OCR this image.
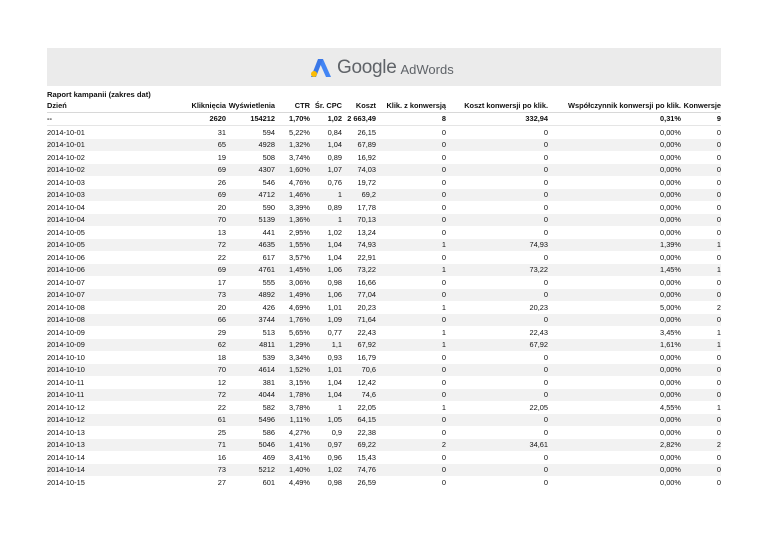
Google AdWords
Raport kampanii (zakres dat)
Dzień	Kliknięcia	Wyświetlenia	CTR	Śr. CPC	Koszt	Klik. z konwersją	Koszt konwersji po klik.	Współczynnik konwersji po klik.	Konwersje
--	2620	154212	1,70%	1,02	2 663,49	8	332,94	0,31%	9
2014-10-01	31	594	5,22%	0,84	26,15	0	0	0,00%	0
2014-10-01	65	4928	1,32%	1,04	67,89	0	0	0,00%	0
2014-10-02	19	508	3,74%	0,89	16,92	0	0	0,00%	0
2014-10-02	69	4307	1,60%	1,07	74,03	0	0	0,00%	0
2014-10-03	26	546	4,76%	0,76	19,72	0	0	0,00%	0
2014-10-03	69	4712	1,46%	1	69,2	0	0	0,00%	0
2014-10-04	20	590	3,39%	0,89	17,78	0	0	0,00%	0
2014-10-04	70	5139	1,36%	1	70,13	0	0	0,00%	0
2014-10-05	13	441	2,95%	1,02	13,24	0	0	0,00%	0
2014-10-05	72	4635	1,55%	1,04	74,93	1	74,93	1,39%	1
2014-10-06	22	617	3,57%	1,04	22,91	0	0	0,00%	0
2014-10-06	69	4761	1,45%	1,06	73,22	1	73,22	1,45%	1
2014-10-07	17	555	3,06%	0,98	16,66	0	0	0,00%	0
2014-10-07	73	4892	1,49%	1,06	77,04	0	0	0,00%	0
2014-10-08	20	426	4,69%	1,01	20,23	1	20,23	5,00%	2
2014-10-08	66	3744	1,76%	1,09	71,64	0	0	0,00%	0
2014-10-09	29	513	5,65%	0,77	22,43	1	22,43	3,45%	1
2014-10-09	62	4811	1,29%	1,1	67,92	1	67,92	1,61%	1
2014-10-10	18	539	3,34%	0,93	16,79	0	0	0,00%	0
2014-10-10	70	4614	1,52%	1,01	70,6	0	0	0,00%	0
2014-10-11	12	381	3,15%	1,04	12,42	0	0	0,00%	0
2014-10-11	72	4044	1,78%	1,04	74,6	0	0	0,00%	0
2014-10-12	22	582	3,78%	1	22,05	1	22,05	4,55%	1
2014-10-12	61	5496	1,11%	1,05	64,15	0	0	0,00%	0
2014-10-13	25	586	4,27%	0,9	22,38	0	0	0,00%	0
2014-10-13	71	5046	1,41%	0,97	69,22	2	34,61	2,82%	2
2014-10-14	16	469	3,41%	0,96	15,43	0	0	0,00%	0
2014-10-14	73	5212	1,40%	1,02	74,76	0	0	0,00%	0
2014-10-15	27	601	4,49%	0,98	26,59	0	0	0,00%	0
